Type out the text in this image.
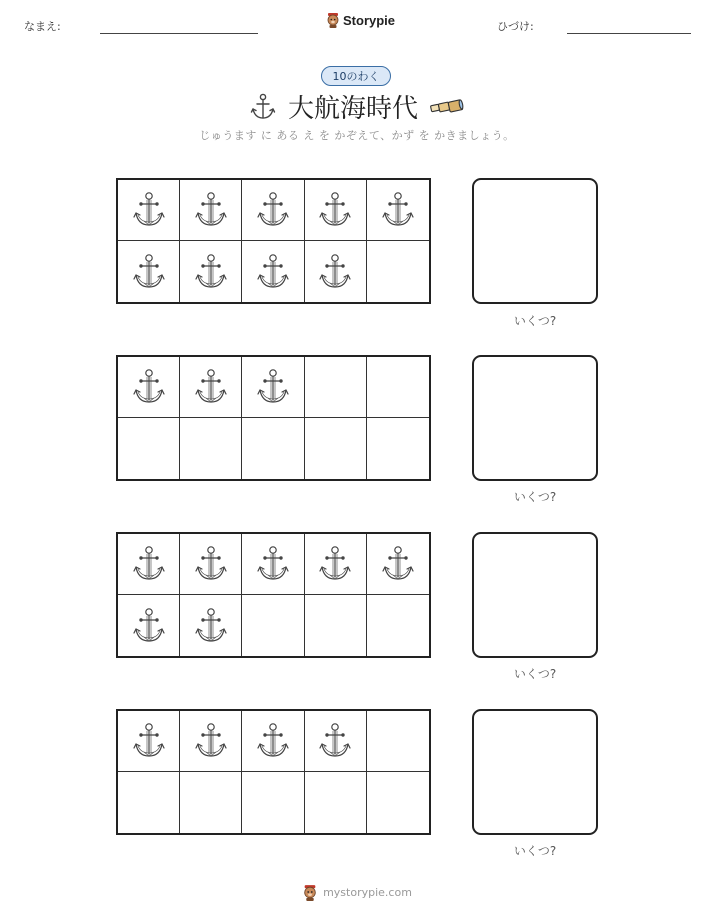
なまえ:	Storypie	ひづけ:
10のわく
大航海時代
じゅうます に ある え を かぞえて、かず を かきましょう。
いくつ?
いくつ?
いくつ?
いくつ?
mystorypie.com
